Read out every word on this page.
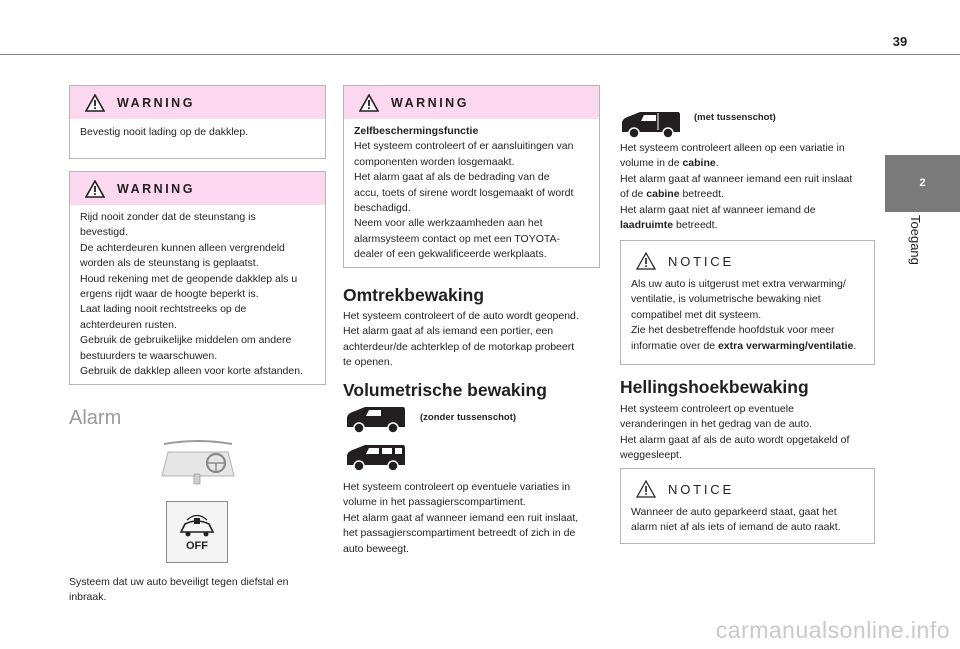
39
2
Toegang
WARNING
Bevestig nooit lading op de dakklep.
WARNING
Rijd nooit zonder dat de steunstang is
bevestigd.
De achterdeuren kunnen alleen vergrendeld
worden als de steunstang is geplaatst.
Houd rekening met de geopende dakklep als u
ergens rijdt waar de hoogte beperkt is.
Laat lading nooit rechtstreeks op de
achterdeuren rusten.
Gebruik de gebruikelijke middelen om andere
bestuurders te waarschuwen.
Gebruik de dakklep alleen voor korte afstanden.
Alarm
OFF
Systeem dat uw auto beveiligt tegen diefstal en
inbraak.
WARNING
Zelfbeschermingsfunctie
Het systeem controleert of er aansluitingen van
componenten worden losgemaakt.
Het alarm gaat af als de bedrading van de
accu, toets of sirene wordt losgemaakt of wordt
beschadigd.
Neem voor alle werkzaamheden aan het
alarmsysteem contact op met een TOYOTA-
dealer of een gekwalificeerde werkplaats.
Omtrekbewaking
Het systeem controleert of de auto wordt geopend.
Het alarm gaat af als iemand een portier, een
achterdeur/de achterklep of de motorkap probeert
te openen.
Volumetrische bewaking
(zonder tussenschot)
Het systeem controleert op eventuele variaties in
volume in het passagierscompartiment.
Het alarm gaat af wanneer iemand een ruit inslaat,
het passagierscompartiment betreedt of zich in de
auto beweegt.
(met tussenschot)
Het systeem controleert alleen op een variatie in
volume in de cabine.
Het alarm gaat af wanneer iemand een ruit inslaat
of de cabine betreedt.
Het alarm gaat niet af wanneer iemand de
laadruimte betreedt.
NOTICE
Als uw auto is uitgerust met extra verwarming/
ventilatie, is volumetrische bewaking niet
compatibel met dit systeem.
Zie het desbetreffende hoofdstuk voor meer
informatie over de extra verwarming/ventilatie.
Hellingshoekbewaking
Het systeem controleert op eventuele
veranderingen in het gedrag van de auto.
Het alarm gaat af als de auto wordt opgetakeld of
weggesleept.
NOTICE
Wanneer de auto geparkeerd staat, gaat het
alarm niet af als iets of iemand de auto raakt.
carmanualsonline.info
